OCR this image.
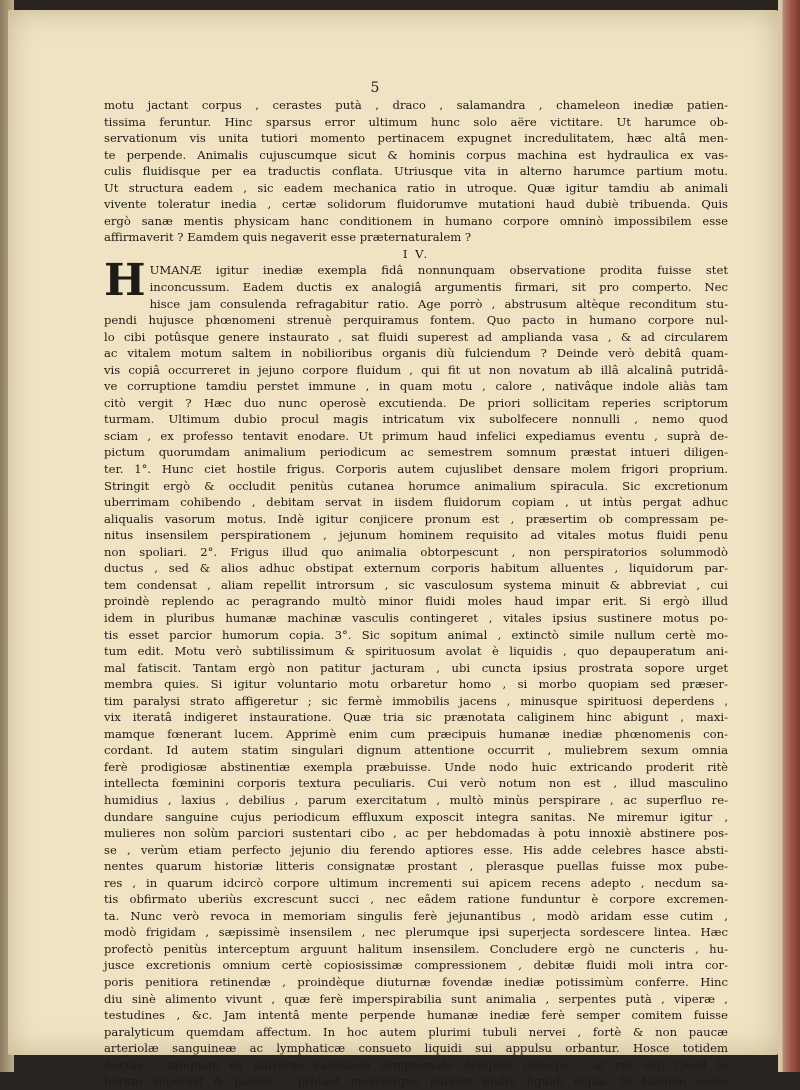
5
motu jactant corpus , cerastes putà , draco , salamandra , chameleon inediæ patien-
tissima feruntur. Hinc sparsus error ultimum hunc solo aëre victitare. Ut harumce ob-
servationum vis unita tutiori momento pertinacem expugnet incredulitatem, hæc altâ men-
te perpende. Animalis cujuscumque sicut & hominis corpus machina est hydraulica ex vas-
culis fluidisque per ea traductis conflata. Utriusque vita in alterno harumce partium motu.
Ut structura eadem , sic eadem mechanica ratio in utroque. Quæ igitur tamdiu ab animali
vivente toleratur inedia , certæ solidorum fluidorumve mutationi haud dubiè tribuenda. Quis
ergò sanæ mentis physicam hanc conditionem in humano corpore omninò impossibilem esse
affirmaverit ? Eamdem quis negaverit esse præternaturalem ?
I V.
H UMANÆ igitur inediæ exempla fidâ nonnunquam observatione prodita fuisse stet
inconcussum. Eadem ductis ex analogiâ argumentis firmari, sit pro comperto. Nec
hisce jam consulenda refragabitur ratio. Age porrò , abstrusum altèque reconditum stu-
pendi hujusce phœnomeni strenuè perquiramus fontem. Quo pacto in humano corpore nul-
lo cibi potûsque genere instaurato , sat fluidi superest ad amplianda vasa , & ad circularem
ac vitalem motum saltem in nobilioribus organis diù fulciendum ? Deinde verò debitâ quam-
vis copiâ occurreret in jejuno corpore fluidum , qui fit ut non novatum ab illâ alcalinâ putridâ-
ve corruptione tamdiu perstet immune , in quam motu , calore , nativâque indole aliàs tam
citò vergit ? Hæc duo nunc operosè excutienda. De priori sollicitam reperies scriptorum
turmam. Ultimum dubio procul magis intricatum vix subolfecere nonnulli , nemo quod
sciam , ex professo tentavit enodare. Ut primum haud infelici expediamus eventu , suprà de-
pictum quorumdam animalium periodicum ac semestrem somnum præstat intueri diligen-
ter. 1°. Hunc ciet hostile frigus. Corporis autem cujuslibet densare molem frigori proprium.
Stringit ergò & occludit penitùs cutanea horumce animalium spiracula. Sic excretionum
uberrimam cohibendo , debitam servat in iisdem fluidorum copiam , ut intùs pergat adhuc
aliqualis vasorum motus. Indè igitur conjicere pronum est , præsertim ob compressam pe-
nitus insensilem perspirationem , jejunum hominem requisito ad vitales motus fluidi penu
non spoliari. 2°. Frigus illud quo animalia obtorpescunt , non perspiratorios solummodò
ductus , sed & alios adhuc obstipat externum corporis habitum alluentes , liquidorum par-
tem condensat , aliam repellit introrsum , sic vasculosum systema minuit & abbreviat , cui
proindè replendo ac peragrando multò minor fluidi moles haud impar erit. Si ergò illud
idem in pluribus humanæ machinæ vasculis contingeret , vitales ipsius sustinere motus po-
tis esset parcior humorum copia. 3°. Sic sopitum animal , extinctò simile nullum certè mo-
tum edit. Motu verò subtilissimum & spirituosum avolat è liquidis , quo depauperatum ani-
mal fatiscit. Tantam ergò non patitur jacturam , ubi cuncta ipsius prostrata sopore urget
membra quies. Si igitur voluntario motu orbaretur homo , si morbo quopiam sed præser-
tim paralysi strato affigeretur ; sic fermè immobilis jacens , minusque spirituosi deperdens ,
vix iteratâ indigeret instauratione. Quæ tria sic prænotata caliginem hinc abigunt , maxi-
mamque fœnerant lucem. Apprimè enim cum præcipuis humanæ inediæ phœnomenis con-
cordant. Id autem statim singulari dignum attentione occurrit , muliebrem sexum omnia
ferè prodigiosæ abstinentiæ exempla præbuisse. Unde nodo huic extricando proderit ritè
intellecta fœminini corporis textura peculiaris. Cui verò notum non est , illud masculino
humidius , laxius , debilius , parum exercitatum , multò minùs perspirare , ac superfluo re-
dundare sanguine cujus periodicum effluxum exposcit integra sanitas. Ne miremur igitur ,
mulieres non solùm parciori sustentari cibo , ac per hebdomadas à potu innoxiè abstinere pos-
se , verùm etiam perfecto jejunio diu ferendo aptiores esse. His adde celebres hasce absti-
nentes quarum historiæ litteris consignatæ prostant , plerasque puellas fuisse mox pube-
res , in quarum idcircò corpore ultimum incrementi sui apicem recens adepto , necdum sa-
tis obfirmato uberiùs excrescunt succi , nec eâdem ratione funduntur è corpore excremen-
ta. Nunc verò revoca in memoriam singulis ferè jejunantibus , modò aridam esse cutim ,
modò frigidam , sæpissimè insensilem , nec plerumque ipsi superjecta sordescere lintea. Hæc
profectò penitùs interceptum arguunt halitum insensilem. Concludere ergò ne cuncteris , hu-
jusce excretionis omnium certè copiosissimæ compressionem , debitæ fluidi moli intra cor-
poris penitiora retinendæ , proindèque diuturnæ fovendæ inediæ potissimùm conferre. Hinc
diu sinè alimento vivunt , quæ ferè imperspirabilia sunt animalia , serpentes putà , viperæ ,
testudines , &c. Jam intentâ mente perpende humanæ inediæ ferè semper comitem fuisse
paralyticum quemdam affectum. In hoc autem plurimi tubuli nervei , fortè & non paucæ
arteriolæ sanguineæ ac lymphaticæ consueto liquidi sui appulsu orbantur. Hosce totidem
ductus , tanquam ex universo vasculoso symptomate demptos concipe , ut res est. Quod li-
berum superest & patens , proluet movebitque parcior multò liquidi copia. Id tandem sedu-
